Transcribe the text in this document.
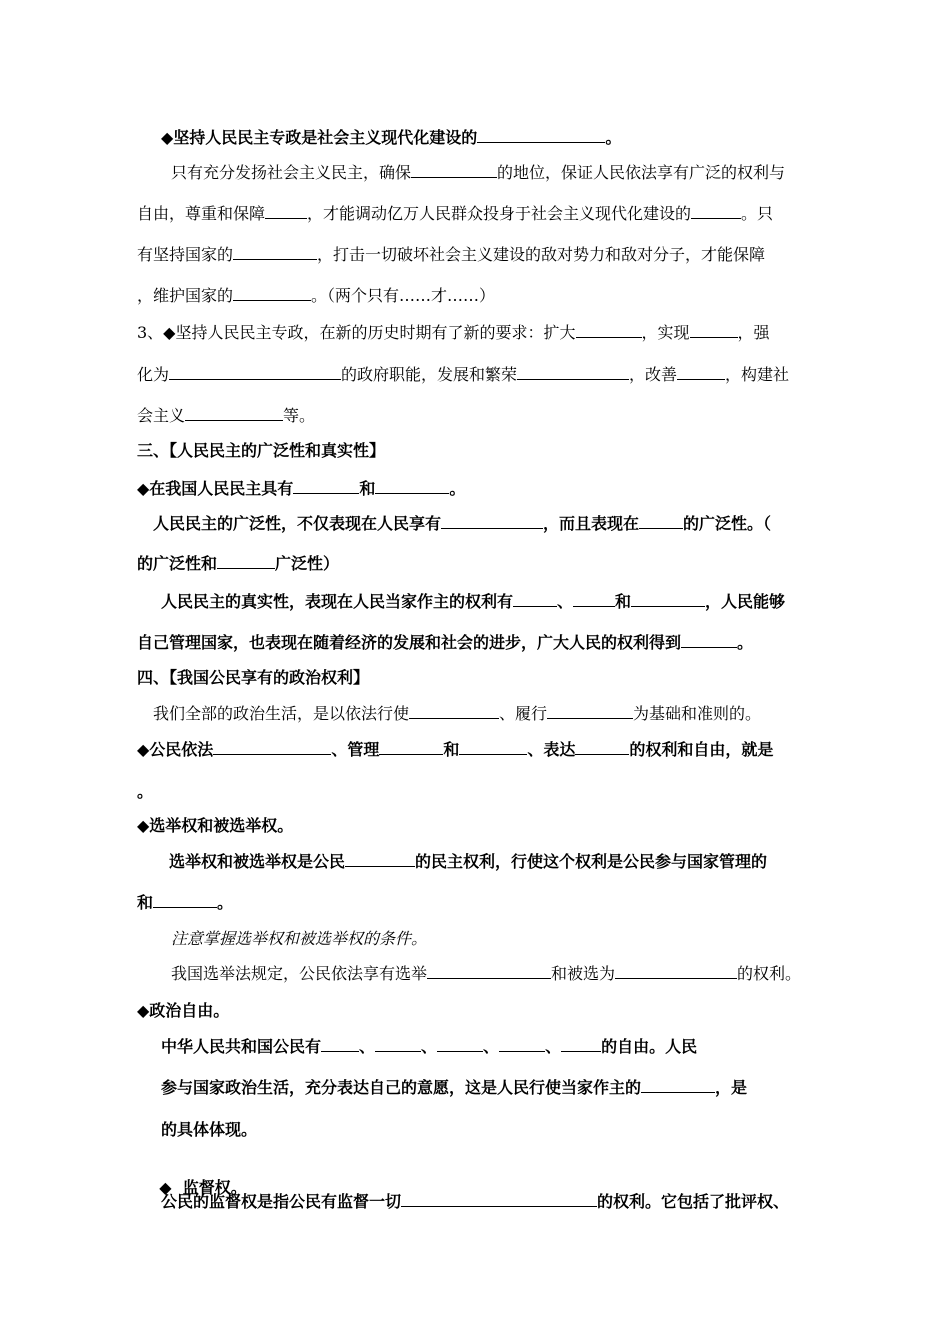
◆坚持人民民主专政是社会主义现代化建设的	。
只有充分发扬社会主义民主，确保	的地位，保证人民依法享有广泛的权利与
自由，尊重和保障	，才能调动亿万人民群众投身于社会主义现代化建设的	。只
有坚持国家的	，打击一切破坏社会主义建设的敌对势力和敌对分子，才能保障
，维护国家的	。（两个只有……才……）
3、◆坚持人民民主专政，在新的历史时期有了新的要求：扩大	，实现	，强
化为	的政府职能，发展和繁荣	，改善	，构建社
会主义	等。
三、【人民民主的广泛性和真实性】
◆在我国人民民主具有	和	。
人民民主的广泛性，不仅表现在人民享有	，而且表现在	的广泛性。（
的广泛性和	广泛性）
人民民主的真实性，表现在人民当家作主的权利有	、	和	，人民能够
自己管理国家，也表现在随着经济的发展和社会的进步，广大人民的权利得到	。
四、【我国公民享有的政治权利】
我们全部的政治生活，是以依法行使	、履行	为基础和准则的。
◆公民依法	、管理	和	、表达	的权利和自由，就是
。
◆选举权和被选举权。
选举权和被选举权是公民	的民主权利，行使这个权利是公民参与国家管理的
和	。
注意掌握选举权和被选举权的条件。
我国选举法规定，公民依法享有选举	和被选为	的权利。
◆政治自由。
中华人民共和国公民有 、	、	、	、	的自由。人民
参与国家政治生活，充分表达自己的意愿，这是人民行使当家作主的	，是
的具体体现。

◆  监督权。

公民的监督权是指公民有监督一切	的权利。它包括了批评权、
